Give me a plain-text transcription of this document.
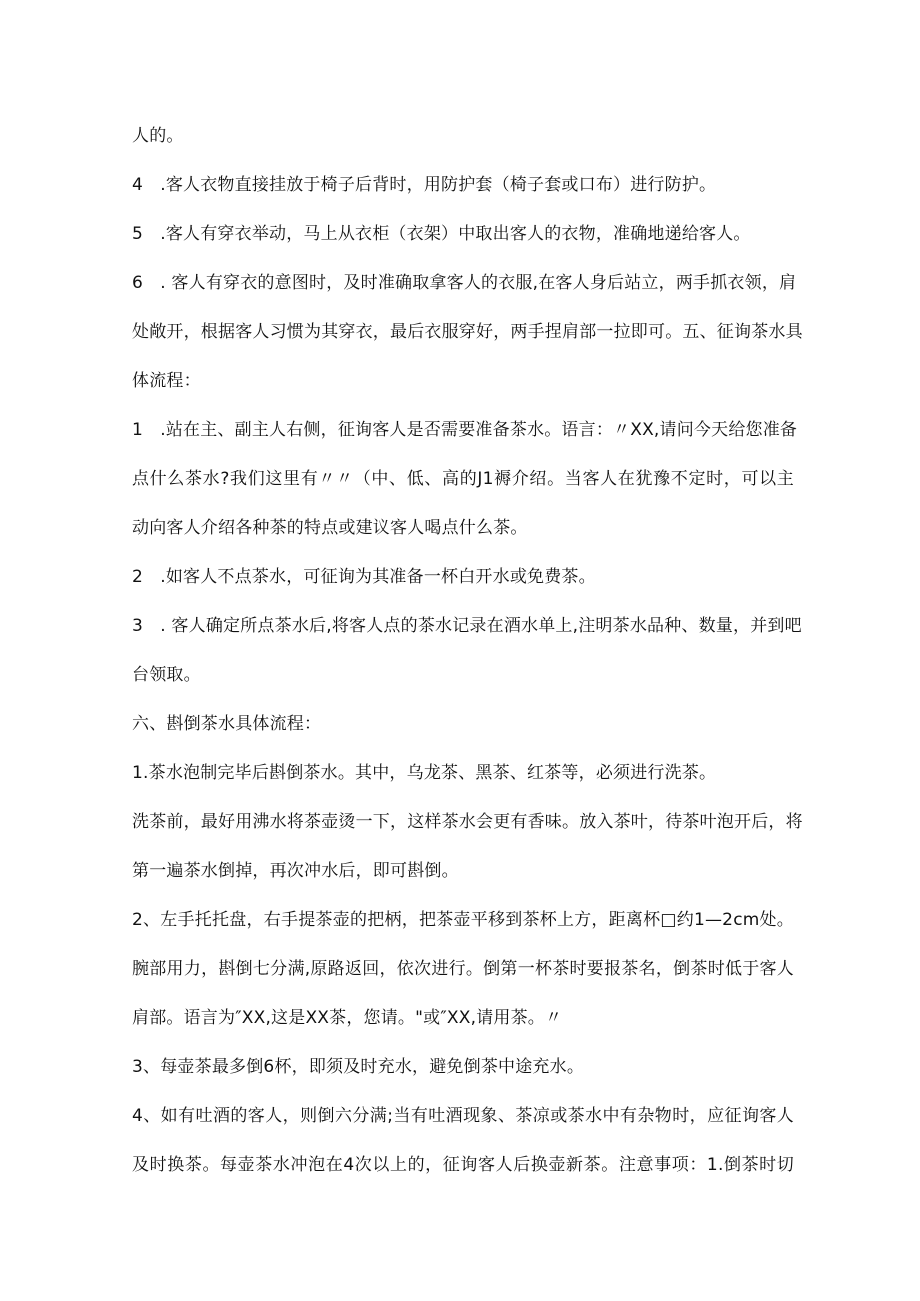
人的。
4　.客人衣物直接挂放于椅子后背时，用防护套（椅子套或口布）进行防护。
5　.客人有穿衣举动，马上从衣柜（衣架）中取出客人的衣物，准确地递给客人。
6　. 客人有穿衣的意图时，及时准确取拿客人的衣服,在客人身后站立，两手抓衣领，肩
处敞开，根据客人习惯为其穿衣，最后衣服穿好，两手捏肩部一拉即可。五、征询茶水具
体流程：
1　.站在主、副主人右侧，征询客人是否需要准备茶水。语言：〃XX,请问今天给您准备
点什么茶水?我们这里有〃〃（中、低、高的J1褥介绍。当客人在犹豫不定时，可以主
动向客人介绍各种茶的特点或建议客人喝点什么茶。
2　.如客人不点茶水，可征询为其准备一杯白开水或免费茶。
3　. 客人确定所点茶水后,将客人点的茶水记录在酒水单上,注明茶水品种、数量，并到吧
台领取。
六、斟倒茶水具体流程：
1.茶水泡制完毕后斟倒茶水。其中，乌龙茶、黑茶、红茶等，必须进行洗茶。
洗茶前，最好用沸水将茶壶烫一下，这样茶水会更有香味。放入茶叶，待茶叶泡开后，将
第一遍茶水倒掉，再次冲水后，即可斟倒。
2、左手托托盘，右手提茶壶的把柄，把茶壶平移到茶杯上方，距离杯□约1—2cm处。
腕部用力，斟倒七分满,原路返回，依次进行。倒第一杯茶时要报茶名，倒茶时低于客人
肩部。语言为″XX,这是XX茶，您请。"或″XX,请用茶。〃
3、每壶茶最多倒6杯，即须及时充水，避免倒茶中途充水。
4、如有吐酒的客人，则倒六分满;当有吐酒现象、茶凉或茶水中有杂物时，应征询客人
及时换茶。每壶茶水冲泡在4次以上的，征询客人后换壶新茶。注意事项：1.倒茶时切
